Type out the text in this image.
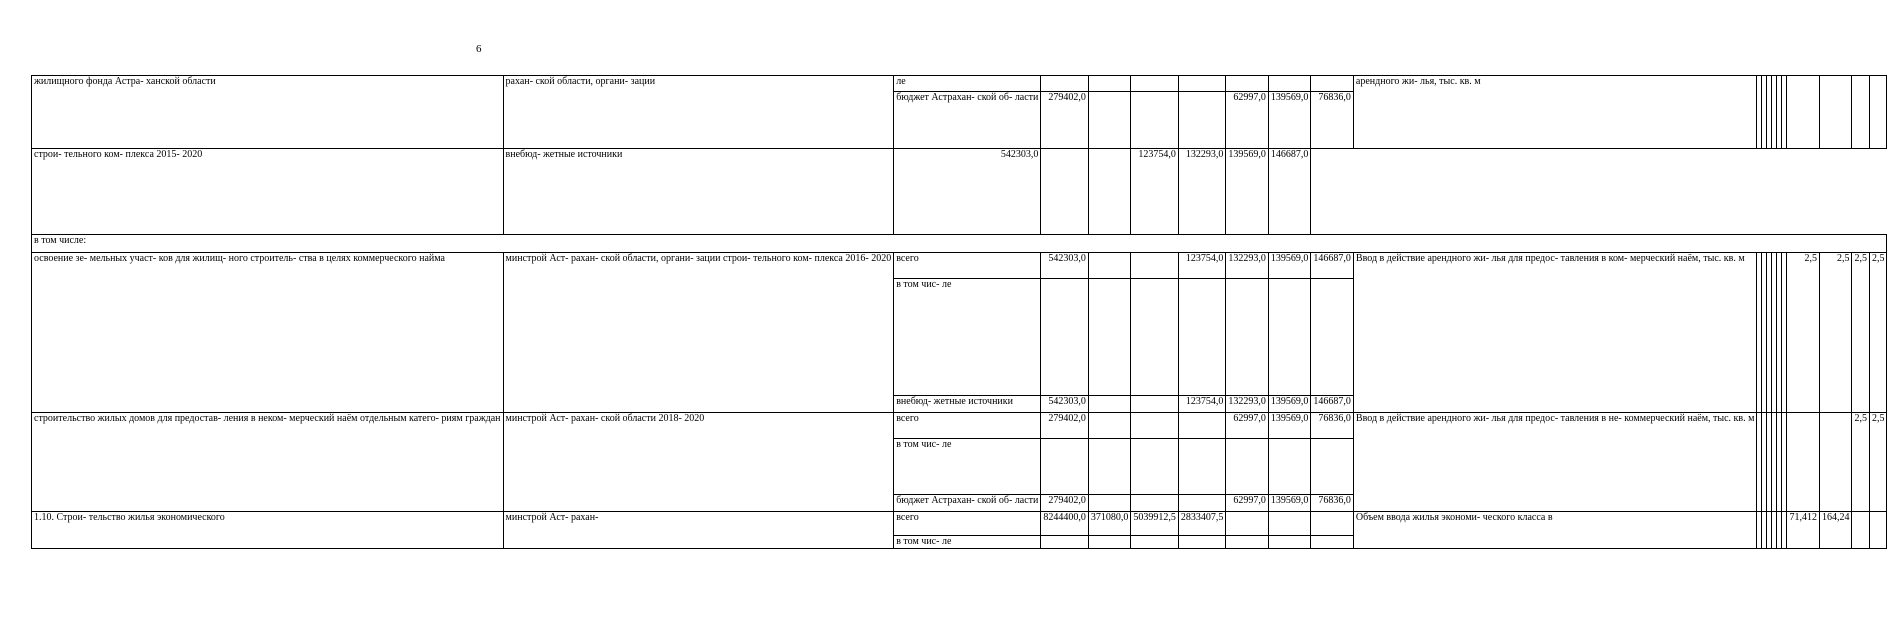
6
жилищного фонда Астра- ханской области	рахан- ской области, органи- зации	ле								арендного жи- лья, тыс. кв. м										
		бюджет Астрахан- ской об- ласти	279402,0				62997,0	139569,0	76836,0											
строи- тельного ком- плекса 2015- 2020	внебюд- жетные источники	542303,0			123754,0	132293,0	139569,0	146687,0												
в том числе:																				
освоение зе- мельных участ- ков для жилищ- ного строитель- ства в целях коммерческого найма	минстрой Аст- рахан- ской области, органи- зации строи- тельного ком- плекса 2016- 2020	всего	542303,0			123754,0	132293,0	139569,0	146687,0	Ввод в действие арендного жи- лья для предос- тавления в ком- мерческий наём, тыс. кв. м							2,5	2,5	2,5	2,5
		в том чис- ле																		
		внебюд- жетные источники	542303,0			123754,0	132293,0	139569,0	146687,0											
строительство жилых домов для предостав- ления в неком- мерческий наём отдельным катего- риям граждан	минстрой Аст- рахан- ской области 2018- 2020	всего	279402,0				62997,0	139569,0	76836,0	Ввод в действие арендного жи- лья для предос- тавления в не- коммерческий наём, тыс. кв. м									2,5	2,5
		в том чис- ле																		
		бюджет Астрахан- ской об- ласти	279402,0				62997,0	139569,0	76836,0											
1.10. Строи- тельство жилья экономического	минстрой Аст- рахан-	всего	8244400,0	371080,0	5039912,5	2833407,5				Объем ввода жилья экономи- ческого класса в							71,412	164,24		
		в том чис- ле																		
